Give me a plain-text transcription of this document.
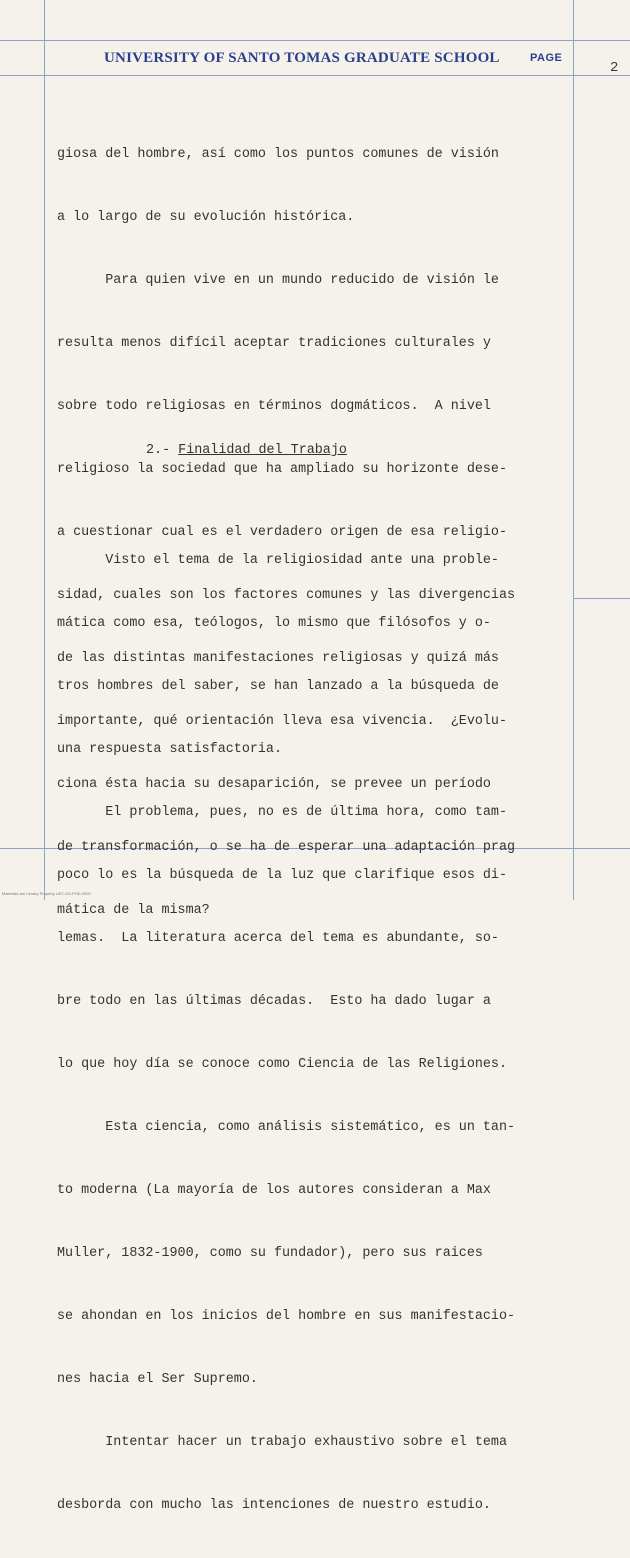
UNIVERSITY OF SANTO TOMAS GRADUATE SCHOOL	PAGE
2

giosa del hombre, así como los puntos comunes de visión

a lo largo de su evolución histórica.

Para quien vive en un mundo reducido de visión le

resulta menos difícil aceptar tradiciones culturales y

sobre todo religiosas en términos dogmáticos.  A nivel

religioso la sociedad que ha ampliado su horizonte dese-

a cuestionar cual es el verdadero origen de esa religio-

sidad, cuales son los factores comunes y las divergencias

de las distintas manifestaciones religiosas y quizá más

importante, qué orientación lleva esa vivencia.  ¿Evolu-

ciona ésta hacia su desaparición, se prevee un período

de transformación, o se ha de esperar una adaptación prag

mática de la misma?

2.- Finalidad del Trabajo

Visto el tema de la religiosidad ante una proble-

mática como esa, teólogos, lo mismo que filósofos y o-

tros hombres del saber, se han lanzado a la búsqueda de

una respuesta satisfactoria.

El problema, pues, no es de última hora, como tam-

poco lo es la búsqueda de la luz que clarifique esos di-

lemas.  La literatura acerca del tema es abundante, so-

bre todo en las últimas décadas.  Esto ha dado lugar a

lo que hoy día se conoce como Ciencia de las Religiones.

Esta ciencia, como análisis sistemático, es un tan-

to moderna (La mayoría de los autores consideran a Max

Muller, 1832-1900, como su fundador), pero sus raices

se ahondan en los inicios del hombre en sus manifestacio-

nes hacia el Ser Supremo.

Intentar hacer un trabajo exhaustivo sobre el tema

desborda con mucho las intenciones de nuestro estudio.

Materials are Library Property UST-GS-PHD-0000
